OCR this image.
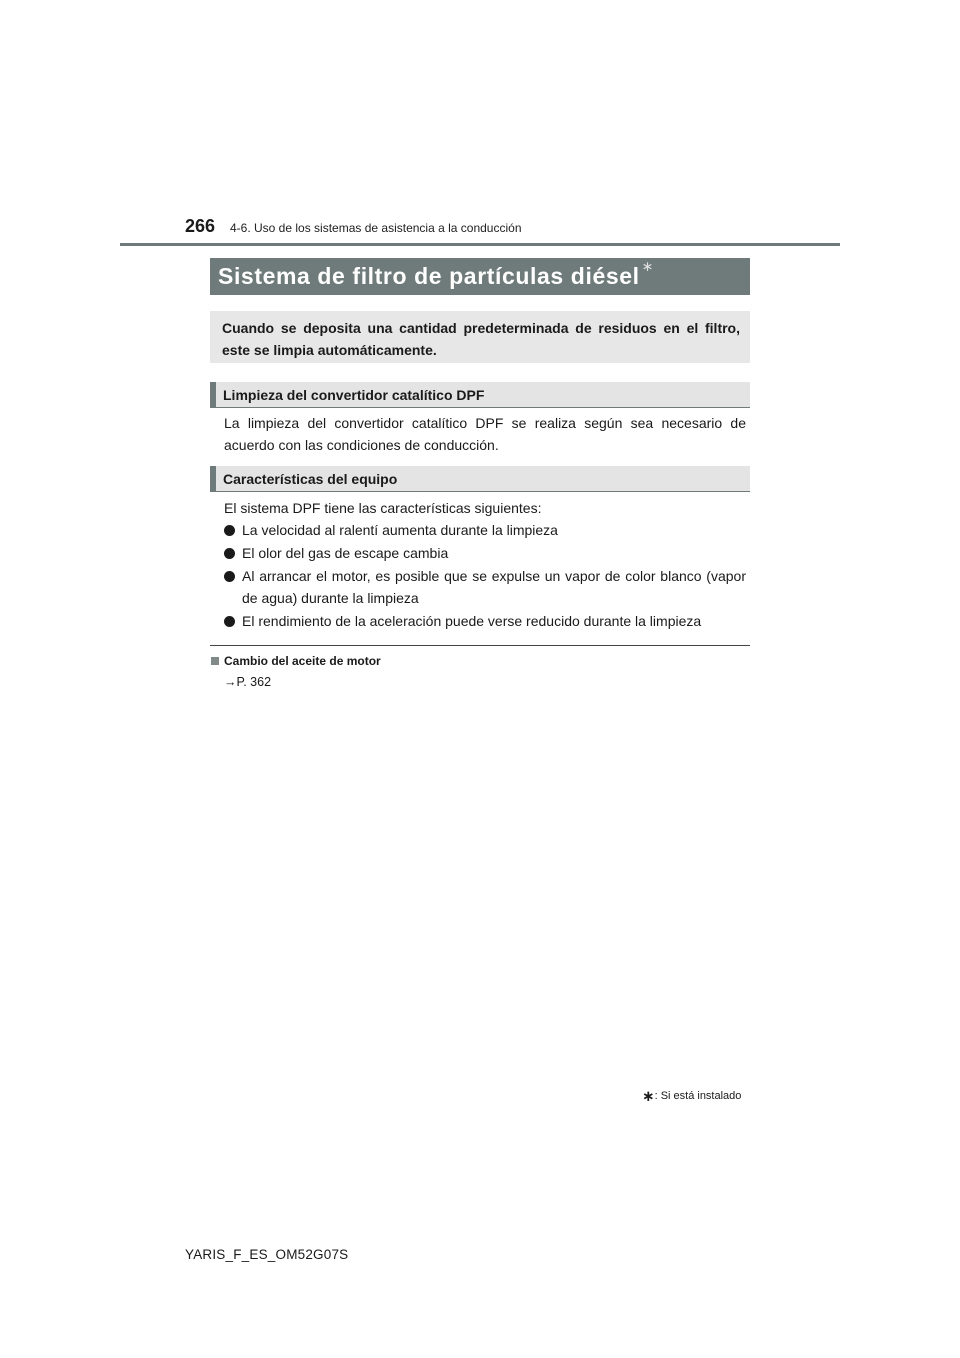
266 4-6. Uso de los sistemas de asistencia a la conducción
Sistema de filtro de partículas diésel ∗
Cuando se deposita una cantidad predeterminada de residuos en el filtro, este se limpia automáticamente.
Limpieza del convertidor catalítico DPF
La limpieza del convertidor catalítico DPF se realiza según sea necesario de acuerdo con las condiciones de conducción.
Características del equipo
El sistema DPF tiene las características siguientes:
La velocidad al ralentí aumenta durante la limpieza
El olor del gas de escape cambia
Al arrancar el motor, es posible que se expulse un vapor de color blanco (vapor de agua) durante la limpieza
El rendimiento de la aceleración puede verse reducido durante la limpieza
Cambio del aceite de motor
→P. 362
∗: Si está instalado
YARIS_F_ES_OM52G07S
